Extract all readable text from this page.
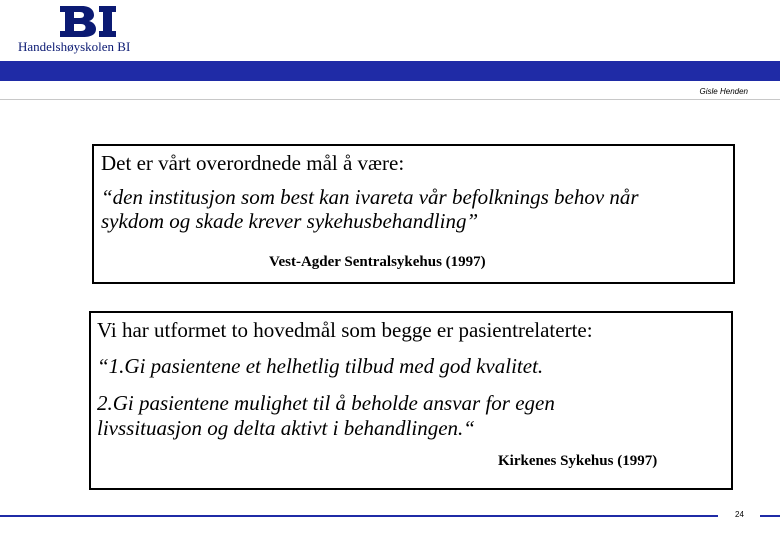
Handelshøyskolen BI
Gisle Henden
Det er vårt overordnede mål å være:
“den institusjon som best kan ivareta vår befolknings behov når
sykdom og skade krever sykehusbehandling”
Vest-Agder Sentralsykehus (1997)
Vi har utformet to hovedmål som begge er pasientrelaterte:
“1.Gi pasientene et helhetlig tilbud med god kvalitet.
2.Gi pasientene mulighet til å beholde ansvar for egen
livssituasjon og delta aktivt i behandlingen.“
Kirkenes Sykehus (1997)
24
